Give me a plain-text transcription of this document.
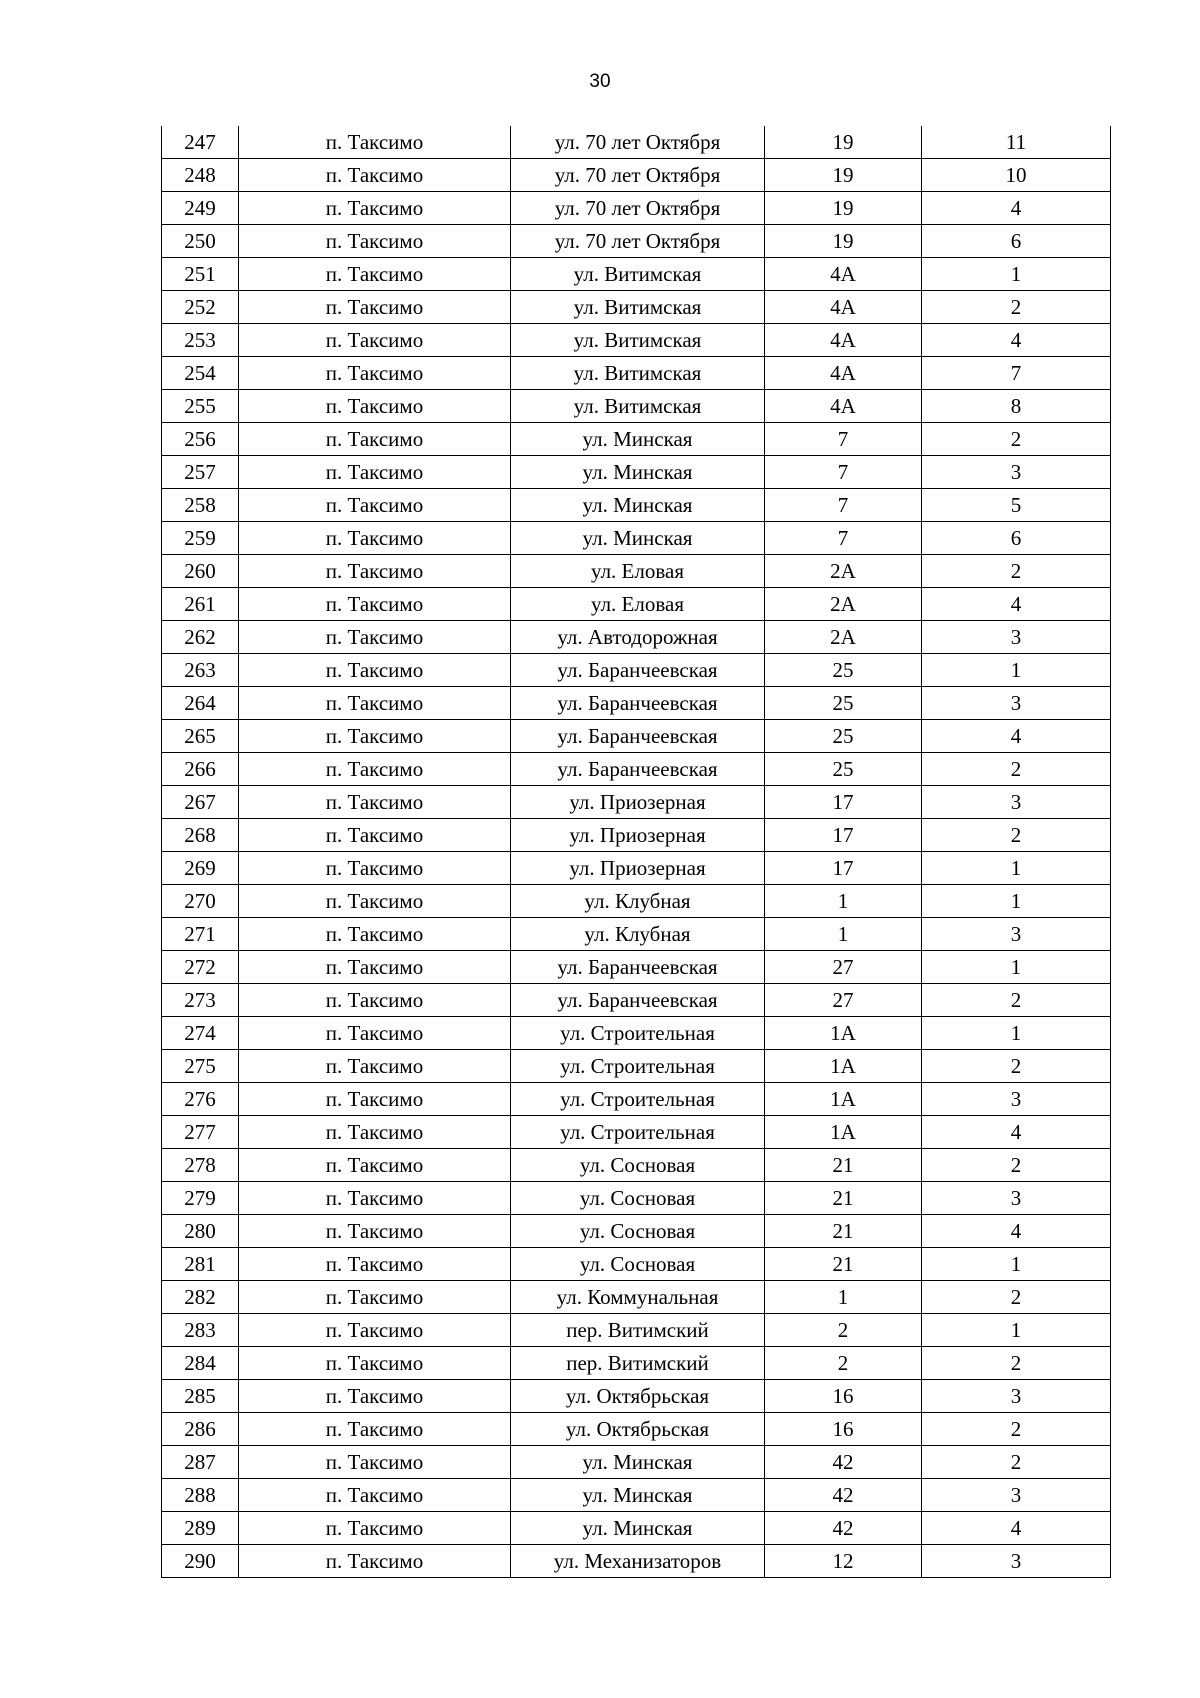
30
247	п. Таксимо	ул. 70 лет Октября	19	11
248	п. Таксимо	ул. 70 лет Октября	19	10
249	п. Таксимо	ул. 70 лет Октября	19	4
250	п. Таксимо	ул. 70 лет Октября	19	6
251	п. Таксимо	ул. Витимская	4А	1
252	п. Таксимо	ул. Витимская	4А	2
253	п. Таксимо	ул. Витимская	4А	4
254	п. Таксимо	ул. Витимская	4А	7
255	п. Таксимо	ул. Витимская	4А	8
256	п. Таксимо	ул. Минская	7	2
257	п. Таксимо	ул. Минская	7	3
258	п. Таксимо	ул. Минская	7	5
259	п. Таксимо	ул. Минская	7	6
260	п. Таксимо	ул. Еловая	2А	2
261	п. Таксимо	ул. Еловая	2А	4
262	п. Таксимо	ул. Автодорожная	2А	3
263	п. Таксимо	ул. Баранчеевская	25	1
264	п. Таксимо	ул. Баранчеевская	25	3
265	п. Таксимо	ул. Баранчеевская	25	4
266	п. Таксимо	ул. Баранчеевская	25	2
267	п. Таксимо	ул. Приозерная	17	3
268	п. Таксимо	ул. Приозерная	17	2
269	п. Таксимо	ул. Приозерная	17	1
270	п. Таксимо	ул. Клубная	1	1
271	п. Таксимо	ул. Клубная	1	3
272	п. Таксимо	ул. Баранчеевская	27	1
273	п. Таксимо	ул. Баранчеевская	27	2
274	п. Таксимо	ул. Строительная	1А	1
275	п. Таксимо	ул. Строительная	1А	2
276	п. Таксимо	ул. Строительная	1А	3
277	п. Таксимо	ул. Строительная	1А	4
278	п. Таксимо	ул. Сосновая	21	2
279	п. Таксимо	ул. Сосновая	21	3
280	п. Таксимо	ул. Сосновая	21	4
281	п. Таксимо	ул. Сосновая	21	1
282	п. Таксимо	ул. Коммунальная	1	2
283	п. Таксимо	пер. Витимский	2	1
284	п. Таксимо	пер. Витимский	2	2
285	п. Таксимо	ул. Октябрьская	16	3
286	п. Таксимо	ул. Октябрьская	16	2
287	п. Таксимо	ул. Минская	42	2
288	п. Таксимо	ул. Минская	42	3
289	п. Таксимо	ул. Минская	42	4
290	п. Таксимо	ул. Механизаторов	12	3
